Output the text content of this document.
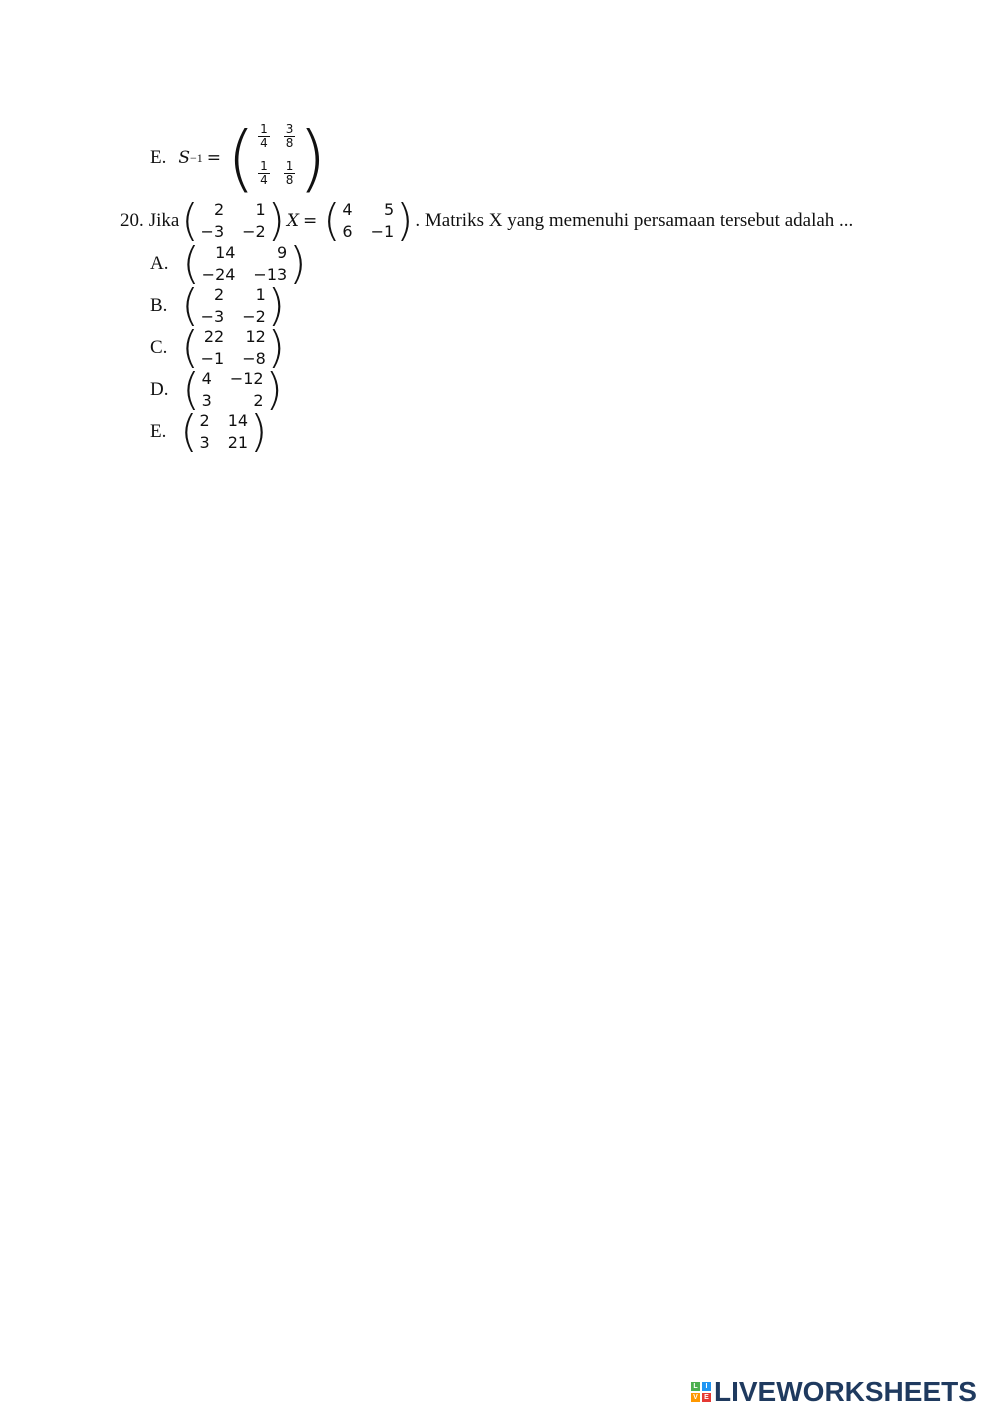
E. S −1 = ( $\frac{1}{4} \frac{3}{8}$
$\frac{1}{4} \frac{1}{8}$ )
20. Jika ( 2	1
−3 −2 ) X = ( 4	5
6 −1 ) . Matriks X yang memenuhi persamaan tersebut adalah ...
A. ( 14	9
−24 −13 )
B. ( 2	1
−3 −2 )
C. ( 22 12
−1 −8 )
D. ( 4 −12
3	2 )
E. ( 2 14
3 21 )
L	I
V E LIVEWORKSHEETS
